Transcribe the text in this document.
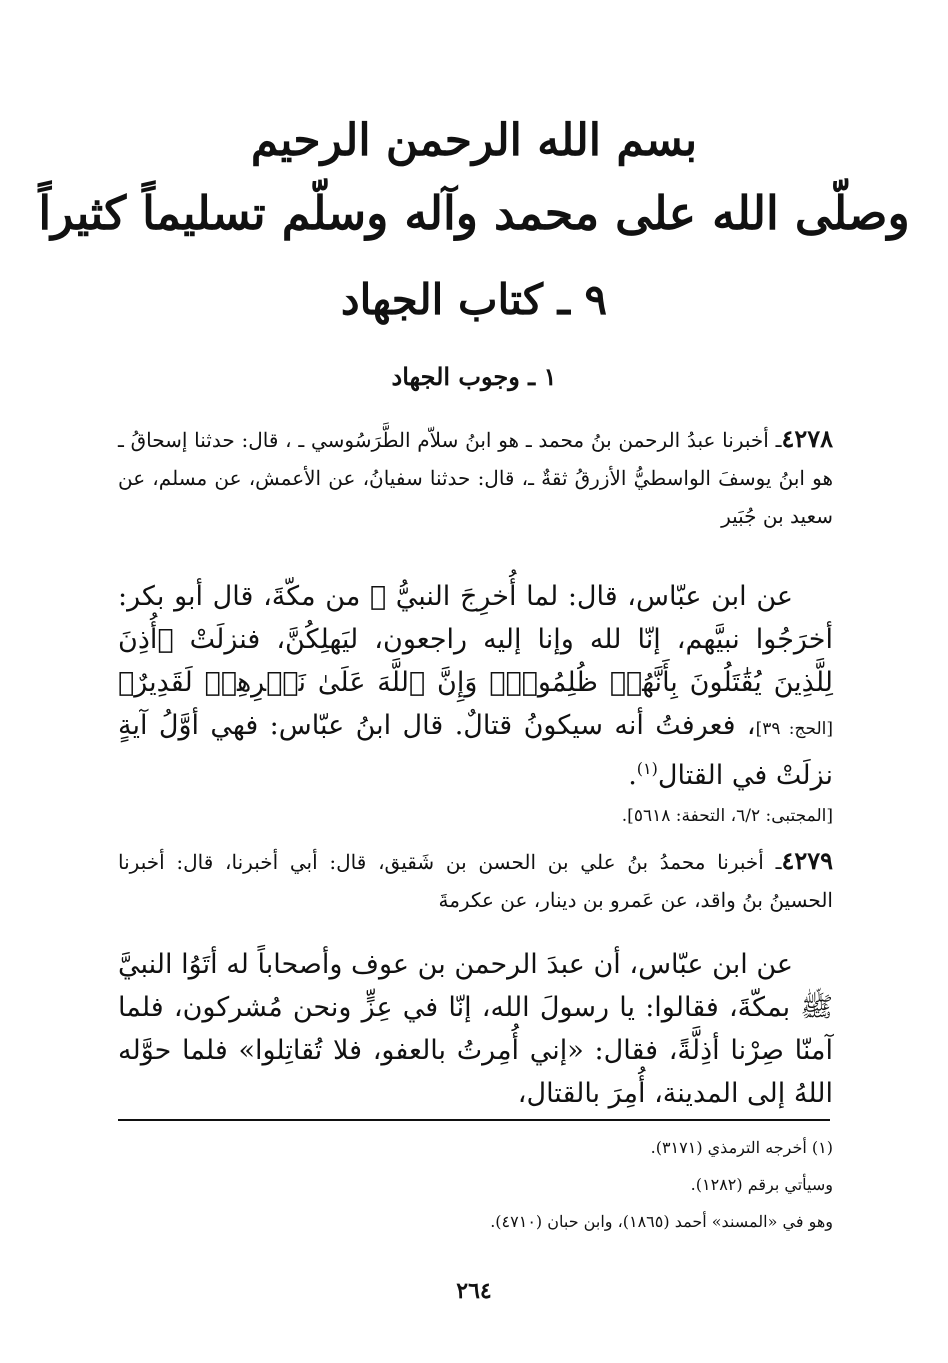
بسم الله الرحمن الرحيم
وصلّى الله على محمد وآله وسلّم تسليماً كثيراً
٩ ـ كتاب الجهاد
١ ـ وجوب الجهاد

٤٢٧٨ـ أخبرنا عبدُ الرحمن بنُ محمد ـ هو ابنُ سلاّم الطَّرَسُوسي ـ ، قال: حدثنا إسحاقُ ـ هو ابنُ يوسفَ الواسطيُّ الأزرقُ ثقةٌ ـ، قال: حدثنا سفيانُ، عن الأعمش، عن مسلم، عن سعيد بن جُبَير

عن ابن عبّاس، قال: لما أُخرِجَ النبيُّ ﷺ من مكّةَ، قال أبو بكر: أخرَجُوا نبيَّهم، إنّا لله وإنا إليه راجعون، ليَهلِكُنَّ، فنزلَتْ ﴿أُذِنَ لِلَّذِينَ يُقَٰتَلُونَ بِأَنَّهُمۡ ظُلِمُواْۚ وَإِنَّ ٱللَّهَ عَلَىٰ نَصۡرِهِمۡ لَقَدِيرٌ﴾ [الحج: ٣٩]، فعرفتُ أنه سيكونُ قتالٌ. قال ابنُ عبّاس: فهي أوَّلُ آيةٍ نزلَتْ في القتال$^{(١)}$.

[المجتبى: ٦/٢، التحفة: ٥٦١٨].

٤٢٧٩ـ أخبرنا محمدُ بنُ علي بن الحسن بن شَقيق، قال: أبي أخبرنا، قال: أخبرنا الحسينُ بنُ واقد، عن عَمرو بن دينار، عن عكرمةَ

عن ابن عبّاس، أن عبدَ الرحمن بن عوف وأصحاباً له أتَوُا النبيَّ ﷺ بمكّةَ، فقالوا: يا رسولَ الله، إنّا في عِزٍّ ونحن مُشركون، فلما آمنّا صِرْنا أذِلَّةً، فقال: «إني أُمِرتُ بالعفو، فلا تُقاتِلوا» فلما حوَّله اللهُ إلى المدينة، أُمِرَ بالقتال،

(١) أخرجه الترمذي (٣١٧١).

وسيأتي برقم (١٢٨٢).

وهو في «المسند» أحمد (١٨٦٥)، وابن حبان (٤٧١٠).

٢٦٤
